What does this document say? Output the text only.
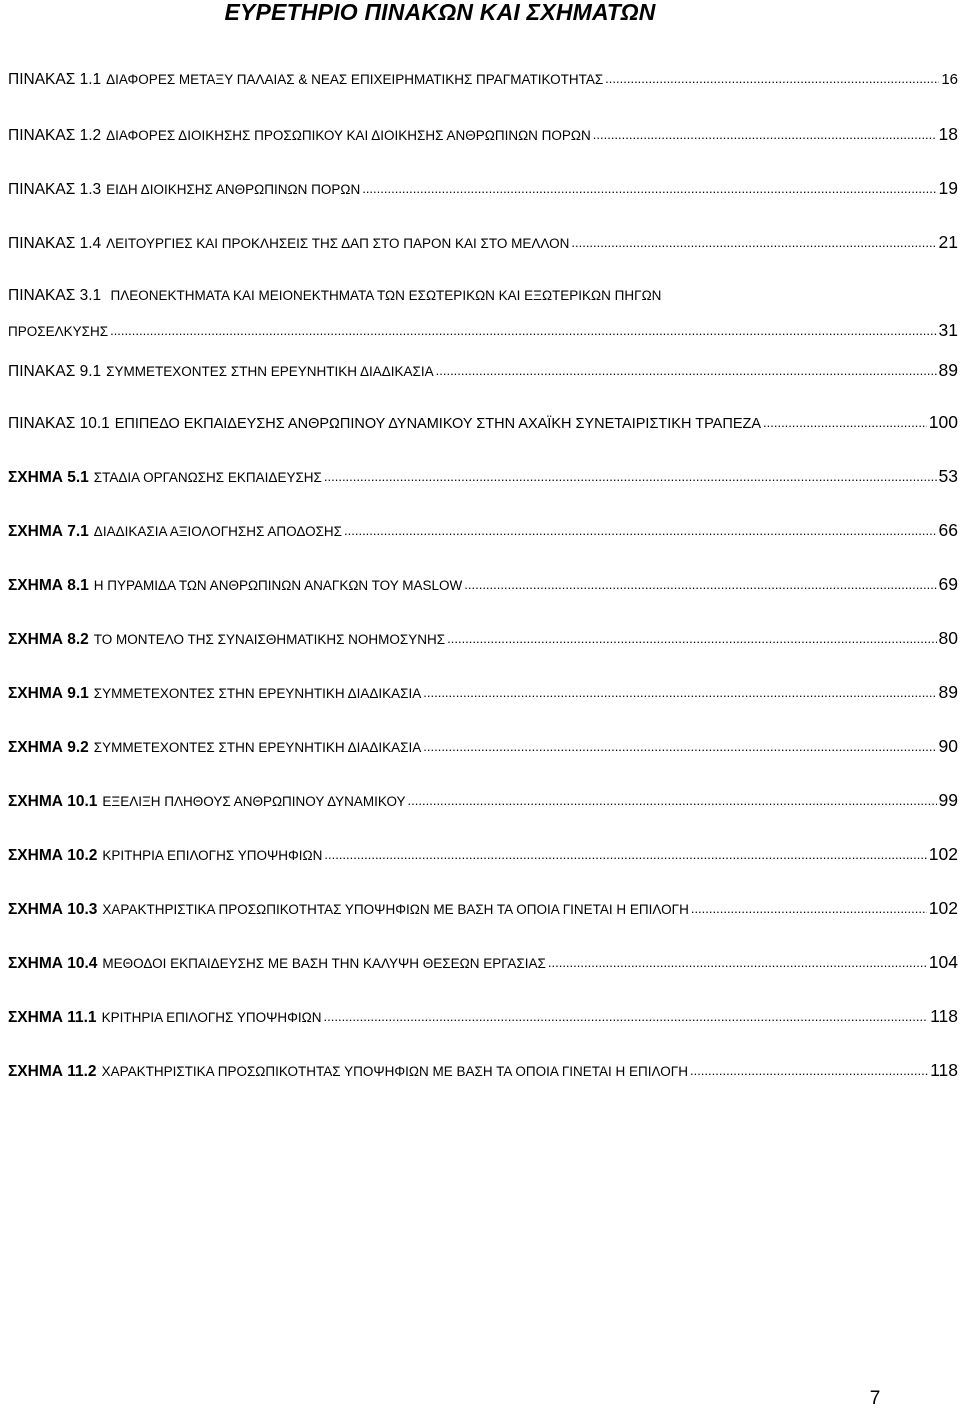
ΕΥΡΕΤΗΡΙΟ ΠΙΝΑΚΩΝ ΚΑΙ ΣΧΗΜΑΤΩΝ
ΠΙΝΑΚΑΣ 1.1 ΔΙΑΦΟΡΕΣ ΜΕΤΑΞΥ ΠΑΛΑΙΑΣ & ΝΕΑΣ ΕΠΙΧΕΙΡΗΜΑΤΙΚΗΣ ΠΡΑΓΜΑΤΙΚΟΤΗΤΑΣ .....	16
ΠΙΝΑΚΑΣ 1.2 ΔΙΑΦΟΡΕΣ ΔΙΟΙΚΗΣΗΣ ΠΡΟΣΩΠΙΚΟΥ ΚΑΙ ΔΙΟΙΚΗΣΗΣ ΑΝΘΡΩΠΙΝΩΝ ΠΟΡΩΝ .....	18
ΠΙΝΑΚΑΣ 1.3 ΕΙΔΗ ΔΙΟΙΚΗΣΗΣ ΑΝΘΡΩΠΙΝΩΝ ΠΟΡΩΝ .....	19
ΠΙΝΑΚΑΣ 1.4 ΛΕΙΤΟΥΡΓΙΕΣ ΚΑΙ ΠΡΟΚΛΗΣΕΙΣ ΤΗΣ ΔΑΠ ΣΤΟ ΠΑΡΟΝ ΚΑΙ ΣΤΟ ΜΕΛΛΟΝ .....	21
ΠΙΝΑΚΑΣ 3.1 ΠΛΕΟΝΕΚΤΗΜΑΤΑ ΚΑΙ ΜΕΙΟΝΕΚΤΗΜΑΤΑ ΤΩΝ ΕΣΩΤΕΡΙΚΩΝ ΚΑΙ ΕΞΩΤΕΡΙΚΩΝ ΠΗΓΩΝ
ΠΡΟΣΕΛΚΥΣΗΣ .....	31
ΠΙΝΑΚΑΣ 9.1 ΣΥΜΜΕΤΕΧΟΝΤΕΣ ΣΤΗΝ ΕΡΕΥΝΗΤΙΚΗ ΔΙΑΔΙΚΑΣΙΑ .....	89
ΠΙΝΑΚΑΣ 10.1 ΕΠΙΠΕΔΟ ΕΚΠΑΙΔΕΥΣΗΣ ΑΝΘΡΩΠΙΝΟΥ ΔΥΝΑΜΙΚΟΥ ΣΤΗΝ ΑΧΑΪΚΗ ΣΥΝΕΤΑΙΡΙΣΤΙΚΗ ΤΡΑΠΕΖΑ .....	100
ΣΧΗΜΑ 5.1 ΣΤΑΔΙΑ ΟΡΓΑΝΩΣΗΣ ΕΚΠΑΙΔΕΥΣΗΣ .....	53
ΣΧΗΜΑ 7.1 ΔΙΑΔΙΚΑΣΙΑ ΑΞΙΟΛΟΓΗΣΗΣ ΑΠΟΔΟΣΗΣ .....	66
ΣΧΗΜΑ 8.1 Η ΠΥΡΑΜΙΔΑ ΤΩΝ ΑΝΘΡΩΠΙΝΩΝ ΑΝΑΓΚΩΝ ΤΟΥ MASLOW .....	69
ΣΧΗΜΑ 8.2 ΤΟ ΜΟΝΤΕΛΟ ΤΗΣ ΣΥΝΑΙΣΘΗΜΑΤΙΚΗΣ ΝΟΗΜΟΣΥΝΗΣ .....	80
ΣΧΗΜΑ 9.1 ΣΥΜΜΕΤΕΧΟΝΤΕΣ ΣΤΗΝ ΕΡΕΥΝΗΤΙΚΗ ΔΙΑΔΙΚΑΣΙΑ .....	89
ΣΧΗΜΑ 9.2 ΣΥΜΜΕΤΕΧΟΝΤΕΣ ΣΤΗΝ ΕΡΕΥΝΗΤΙΚΗ ΔΙΑΔΙΚΑΣΙΑ .....	90
ΣΧΗΜΑ 10.1 ΕΞΕΛΙΞΗ ΠΛΗΘΟΥΣ ΑΝΘΡΩΠΙΝΟΥ ΔΥΝΑΜΙΚΟΥ .....	99
ΣΧΗΜΑ 10.2 ΚΡΙΤΗΡΙΑ ΕΠΙΛΟΓΗΣ ΥΠΟΨΗΦΙΩΝ .....	102
ΣΧΗΜΑ 10.3 ΧΑΡΑΚΤΗΡΙΣΤΙΚΑ ΠΡΟΣΩΠΙΚΟΤΗΤΑΣ ΥΠΟΨΗΦΙΩΝ ΜΕ ΒΑΣΗ ΤΑ ΟΠΟΙΑ ΓΙΝΕΤΑΙ Η ΕΠΙΛΟΓΗ .....	102
ΣΧΗΜΑ 10.4 ΜΕΘΟΔΟΙ ΕΚΠΑΙΔΕΥΣΗΣ ΜΕ ΒΑΣΗ ΤΗΝ ΚΑΛΥΨΗ ΘΕΣΕΩΝ ΕΡΓΑΣΙΑΣ .....	104
ΣΧΗΜΑ 11.1 ΚΡΙΤΗΡΙΑ ΕΠΙΛΟΓΗΣ ΥΠΟΨΗΦΙΩΝ .....	118
ΣΧΗΜΑ 11.2 ΧΑΡΑΚΤΗΡΙΣΤΙΚΑ ΠΡΟΣΩΠΙΚΟΤΗΤΑΣ ΥΠΟΨΗΦΙΩΝ ΜΕ ΒΑΣΗ ΤΑ ΟΠΟΙΑ ΓΙΝΕΤΑΙ Η ΕΠΙΛΟΓΗ .....	118
7
